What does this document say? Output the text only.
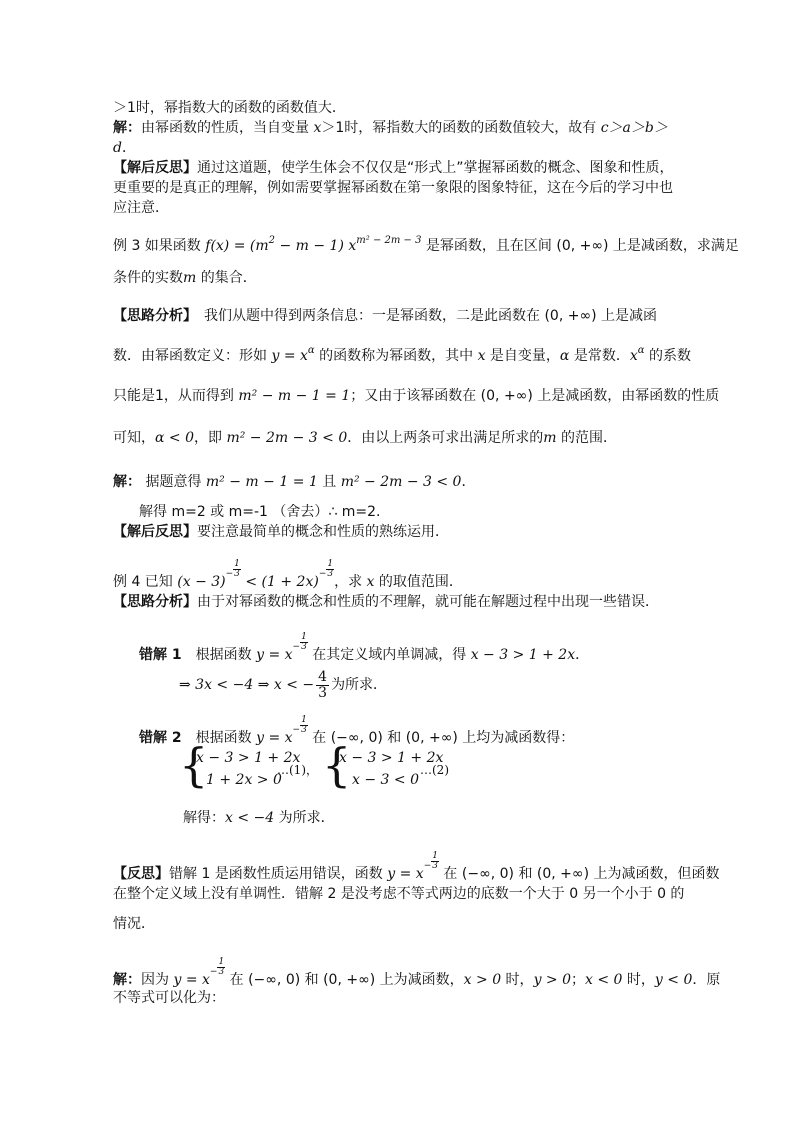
＞1时，幂指数大的函数的函数值大．
解：由幂函数的性质，当自变量 x＞1时，幂指数大的函数的函数值较大，故有 c＞a＞b＞
d．
【解后反思】通过这道题，使学生体会不仅仅是“形式上”掌握幂函数的概念、图象和性质，
更重要的是真正的理解，例如需要掌握幂函数在第一象限的图象特征，这在今后的学习中也
应注意．
例 3 如果函数 $f(x) = (m^2 - m - 1)$ $x^{m^2 - 2m - 3}$ 是幂函数，且在区间 (0, +∞) 上是减函数，求满足
条件的实数m 的集合．
【思路分析】　我们从题中得到两条信息：一是幂函数，二是此函数在 (0, +∞) 上是减函
数．由幂函数定义：形如 $y = x^\alpha$ 的函数称为幂函数，其中 x 是自变量，α 是常数．$x^\alpha$ 的系数
只能是1，从而得到 m² − m − 1 = 1；又由于该幂函数在 (0, +∞) 上是减函数，由幂函数的性质
可知，α < 0，即 m² − 2m − 3 < 0．由以上两条可求出满足所求的m 的范围．
解： 据题意得 m² − m − 1 = 1 且 m² − 2m − 3 < 0．
解得 m=2 或 m=-1 （舍去）∴ m=2.
【解后反思】要注意最简单的概念和性质的熟练运用．
例 4 已知 $(x - 3)- \frac{1}{3}$
< $(1 + 2x)- \frac{1}{3}$
，求 x 的取值范围．
【思路分析】由于对幂函数的概念和性质的不理解，就可能在解题过程中出现一些错误．
错解 1　根据函数 $y = x- \frac{1}{3}$
在其定义域内单调减，得 x − 3 > 1 + 2x．
⇒ 3x < −4 ⇒ x < − $\frac{4}{3}$ 为所求．
错解 2　根据函数 $y = x- \frac{1}{3}$
在 (−∞, 0) 和 (0, +∞) 上均为减函数得：
{
x − 3 > 1 + 2x
1 + 2x > 0
…(1)， {
x − 3 > 1 + 2x
x − 3 < 0
…(2)
解得：x < −4 为所求．
【反思】错解 1 是函数性质运用错误，函数 $y = x- \frac{1}{3}$
在 (−∞, 0) 和 (0, +∞) 上为减函数，但函数
在整个定义域上没有单调性．错解 2 是没考虑不等式两边的底数一个大于 0 另一个小于 0 的
情况．
解：因为 $y = x- \frac{1}{3}$
在 (−∞, 0) 和 (0, +∞) 上为减函数，x > 0 时，y > 0；x < 0 时，y < 0．原
不等式可以化为：
